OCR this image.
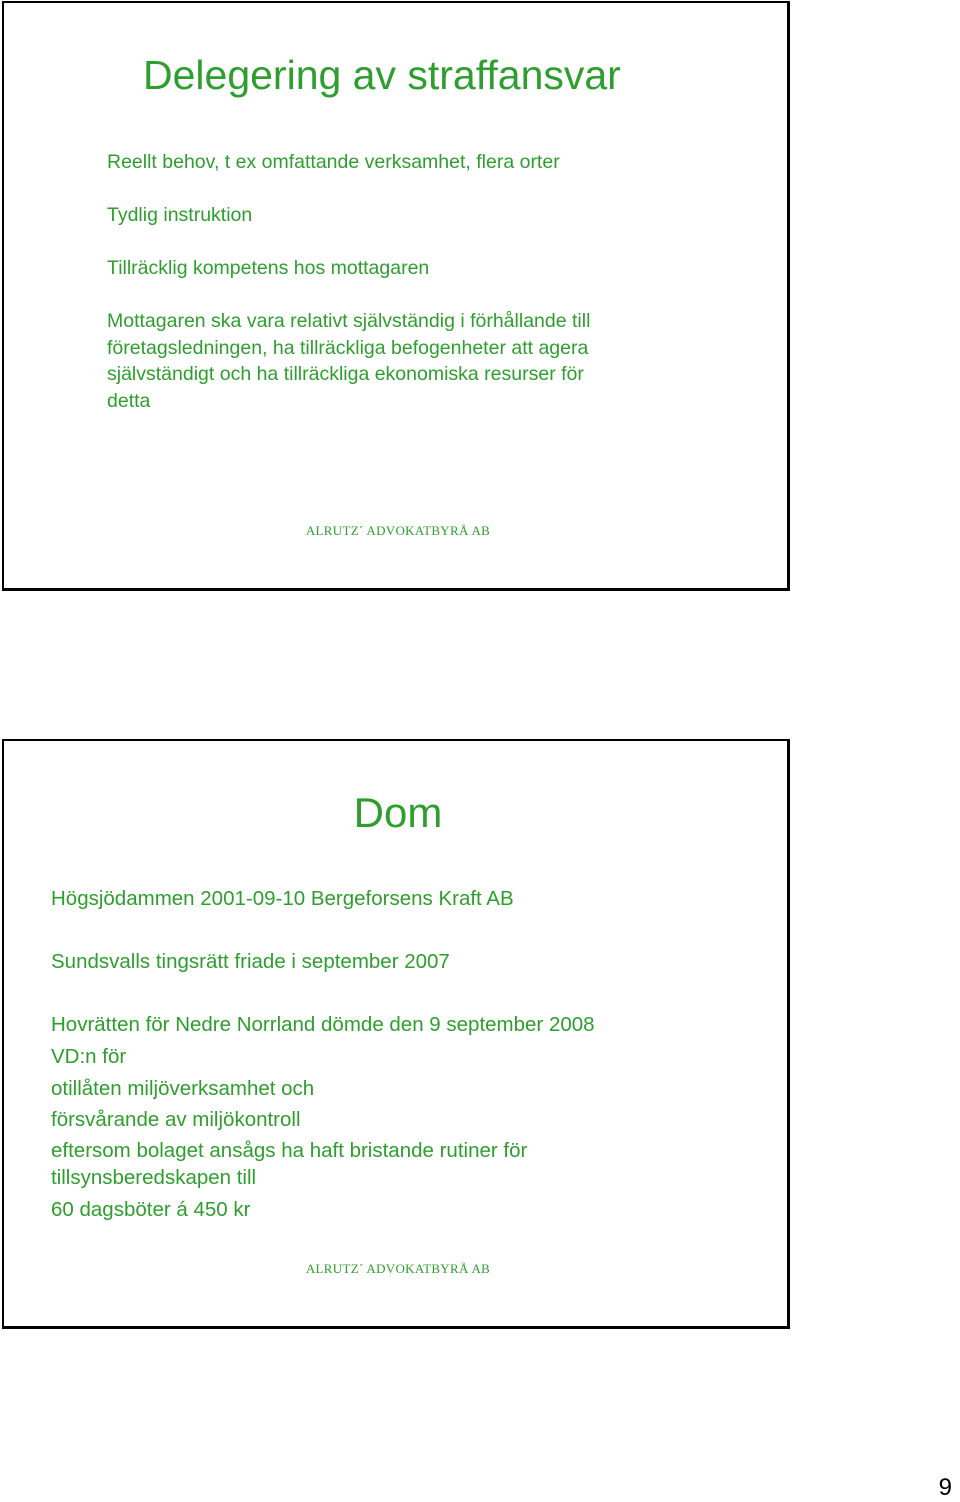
Delegering av straffansvar

Reellt behov, t ex omfattande verksamhet, flera orter

Tydlig instruktion

Tillräcklig kompetens hos mottagaren

Mottagaren ska vara relativt självständig i förhållande till
företagsledningen, ha tillräckliga befogenheter att agera
självständigt och ha tillräckliga ekonomiska resurser för
detta

ALRUTZ´ ADVOKATBYRÅ AB
Dom

Högsjödammen 2001-09-10 Bergeforsens Kraft AB

Sundsvalls tingsrätt friade i september 2007

Hovrätten för Nedre Norrland dömde den 9 september 2008

VD:n för

otillåten miljöverksamhet och

försvårande av miljökontroll

eftersom bolaget ansågs ha haft bristande rutiner för
tillsynsberedskapen till

60 dagsböter á 450 kr

ALRUTZ´ ADVOKATBYRÅ AB
9
